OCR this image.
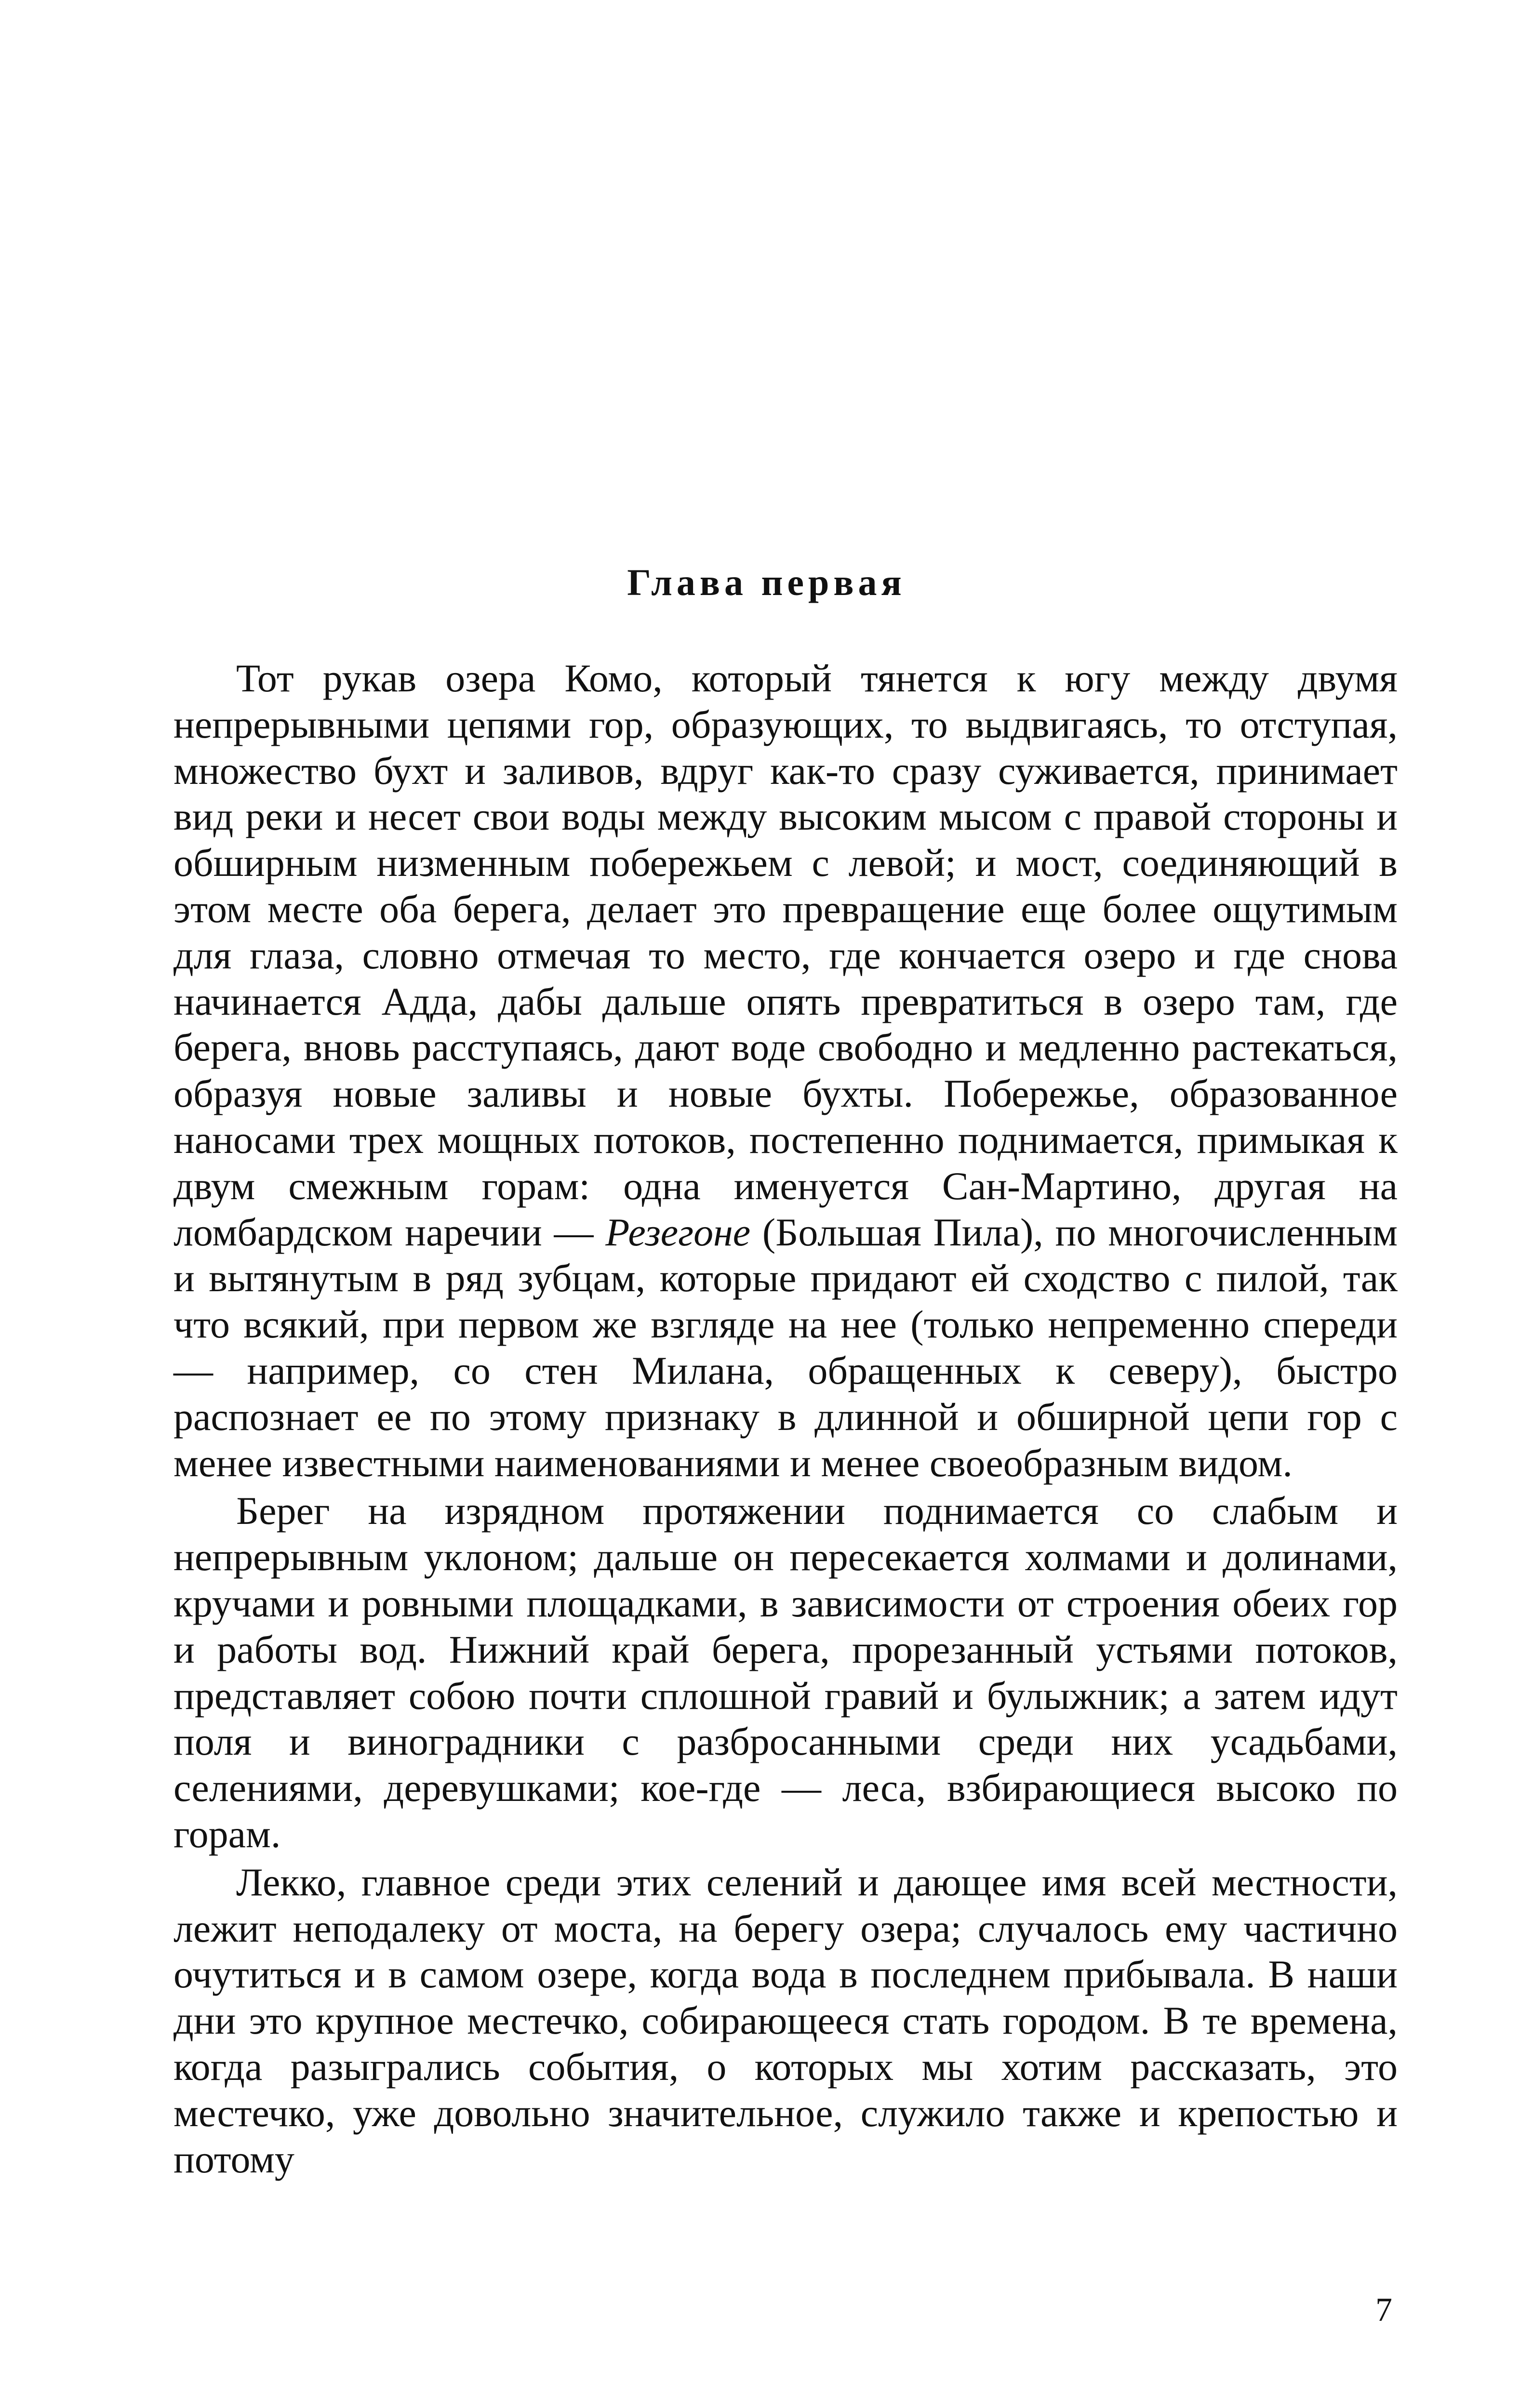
Глава первая

Тот рукав озера Комо, который тянется к югу между двумя непрерывными цепями гор, образующих, то выдвигаясь, то отступая, множество бухт и заливов, вдруг как-то сразу суживается, принимает вид реки и несет свои воды между высоким мысом с правой стороны и обширным низменным побережьем с левой; и мост, соединяющий в этом месте оба берега, делает это превращение еще более ощутимым для глаза, словно отмечая то место, где кончается озеро и где снова начинается Адда, дабы дальше опять превратиться в озеро там, где берега, вновь расступаясь, дают воде свободно и медленно растекаться, образуя новые заливы и новые бухты. Побережье, образованное наносами трех мощных потоков, постепенно поднимается, примыкая к двум смежным горам: одна именуется Сан-Мартино, другая на ломбардском наречии — Резегоне (Большая Пила), по многочисленным и вытянутым в ряд зубцам, которые придают ей сходство с пилой, так что всякий, при первом же взгляде на нее (только непременно спереди — например, со стен Милана, обращенных к северу), быстро распознает ее по этому признаку в длинной и обширной цепи гор с менее известными наименованиями и менее своеобразным видом.

Берег на изрядном протяжении поднимается со слабым и непрерывным уклоном; дальше он пересекается холмами и долинами, кручами и ровными площадками, в зависимости от строения обеих гор и работы вод. Нижний край берега, прорезанный устьями потоков, представляет собою почти сплошной гравий и булыжник; а затем идут поля и виноградники с разбросанными среди них усадьбами, селениями, деревушками; кое-где — леса, взбирающиеся высоко по горам.

Лекко, главное среди этих селений и дающее имя всей местности, лежит неподалеку от моста, на берегу озера; случалось ему частично очутиться и в самом озере, когда вода в последнем прибывала. В наши дни это крупное местечко, собирающееся стать городом. В те времена, когда разыгрались события, о которых мы хотим рассказать, это местечко, уже довольно значительное, служило также и крепостью и потому

7
